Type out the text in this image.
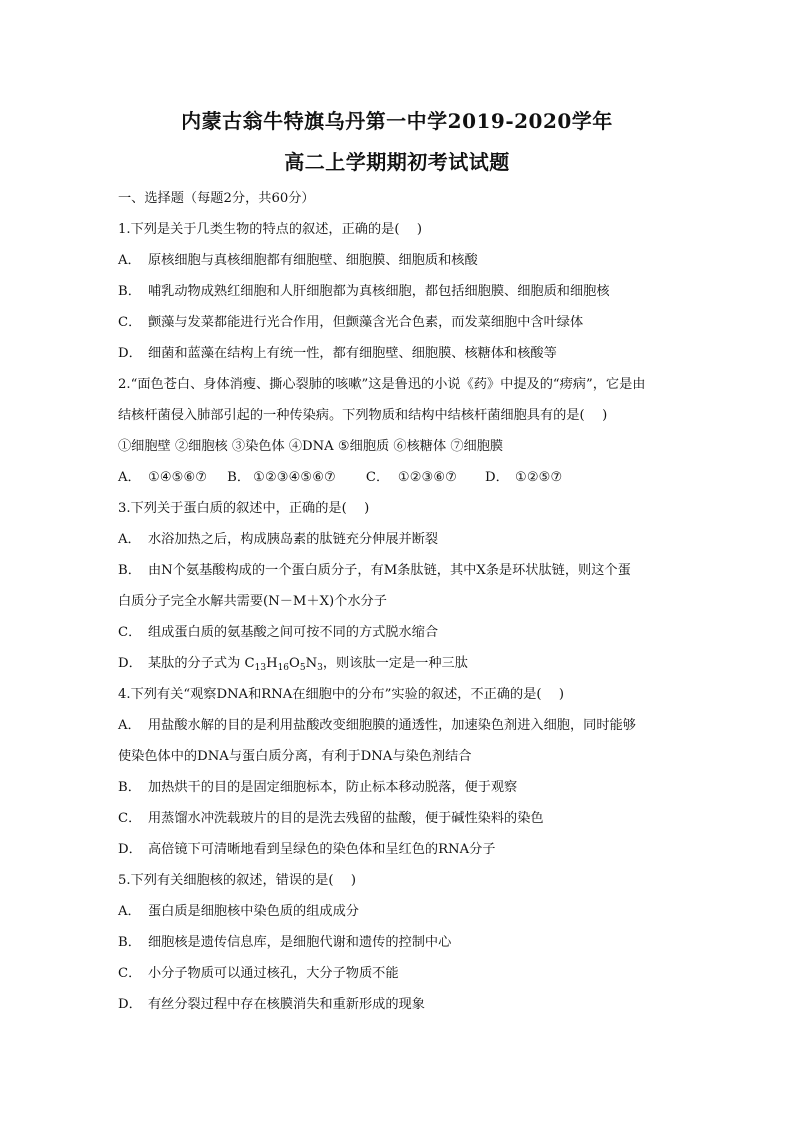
内蒙古翁牛特旗乌丹第一中学2019-2020学年
高二上学期期初考试试题
一、选择题（每题2分，共60分）
1.下列是关于几类生物的特点的叙述，正确的是(　 )
A． 原核细胞与真核细胞都有细胞壁、细胞膜、细胞质和核酸
B． 哺乳动物成熟红细胞和人肝细胞都为真核细胞，都包括细胞膜、细胞质和细胞核
C． 颤藻与发菜都能进行光合作用，但颤藻含光合色素，而发菜细胞中含叶绿体
D． 细菌和蓝藻在结构上有统一性，都有细胞壁、细胞膜、核糖体和核酸等
2.“面色苍白、身体消瘦、撕心裂肺的咳嗽”这是鲁迅的小说《药》中提及的“痨病”，它是由
结核杆菌侵入肺部引起的一种传染病。下列物质和结构中结核杆菌细胞具有的是(　 )
①细胞壁 ②细胞核 ③染色体 ④DNA ⑤细胞质 ⑥核糖体 ⑦细胞膜
A． ①④⑤⑥⑦ B． ①②③④⑤⑥⑦ C． ①②③⑥⑦ D． ①②⑤⑦
3.下列关于蛋白质的叙述中，正确的是(　 )
A． 水浴加热之后，构成胰岛素的肽链充分伸展并断裂
B． 由N个氨基酸构成的一个蛋白质分子，有M条肽链，其中X条是环状肽链，则这个蛋
白质分子完全水解共需要(N－M＋X)个水分子
C． 组成蛋白质的氨基酸之间可按不同的方式脱水缩合
D． 某肽的分子式为 $C_{13}H_{16}O_5N_3$，则该肽一定是一种三肽
4.下列有关“观察DNA和RNA在细胞中的分布”实验的叙述，不正确的是(　 )
A． 用盐酸水解的目的是利用盐酸改变细胞膜的通透性，加速染色剂进入细胞，同时能够
使染色体中的DNA与蛋白质分离，有利于DNA与染色剂结合
B． 加热烘干的目的是固定细胞标本，防止标本移动脱落，便于观察
C． 用蒸馏水冲洗载玻片的目的是洗去残留的盐酸，便于碱性染料的染色
D． 高倍镜下可清晰地看到呈绿色的染色体和呈红色的RNA分子
5.下列有关细胞核的叙述，错误的是(　 )
A． 蛋白质是细胞核中染色质的组成成分
B． 细胞核是遗传信息库，是细胞代谢和遗传的控制中心
C． 小分子物质可以通过核孔，大分子物质不能
D． 有丝分裂过程中存在核膜消失和重新形成的现象
